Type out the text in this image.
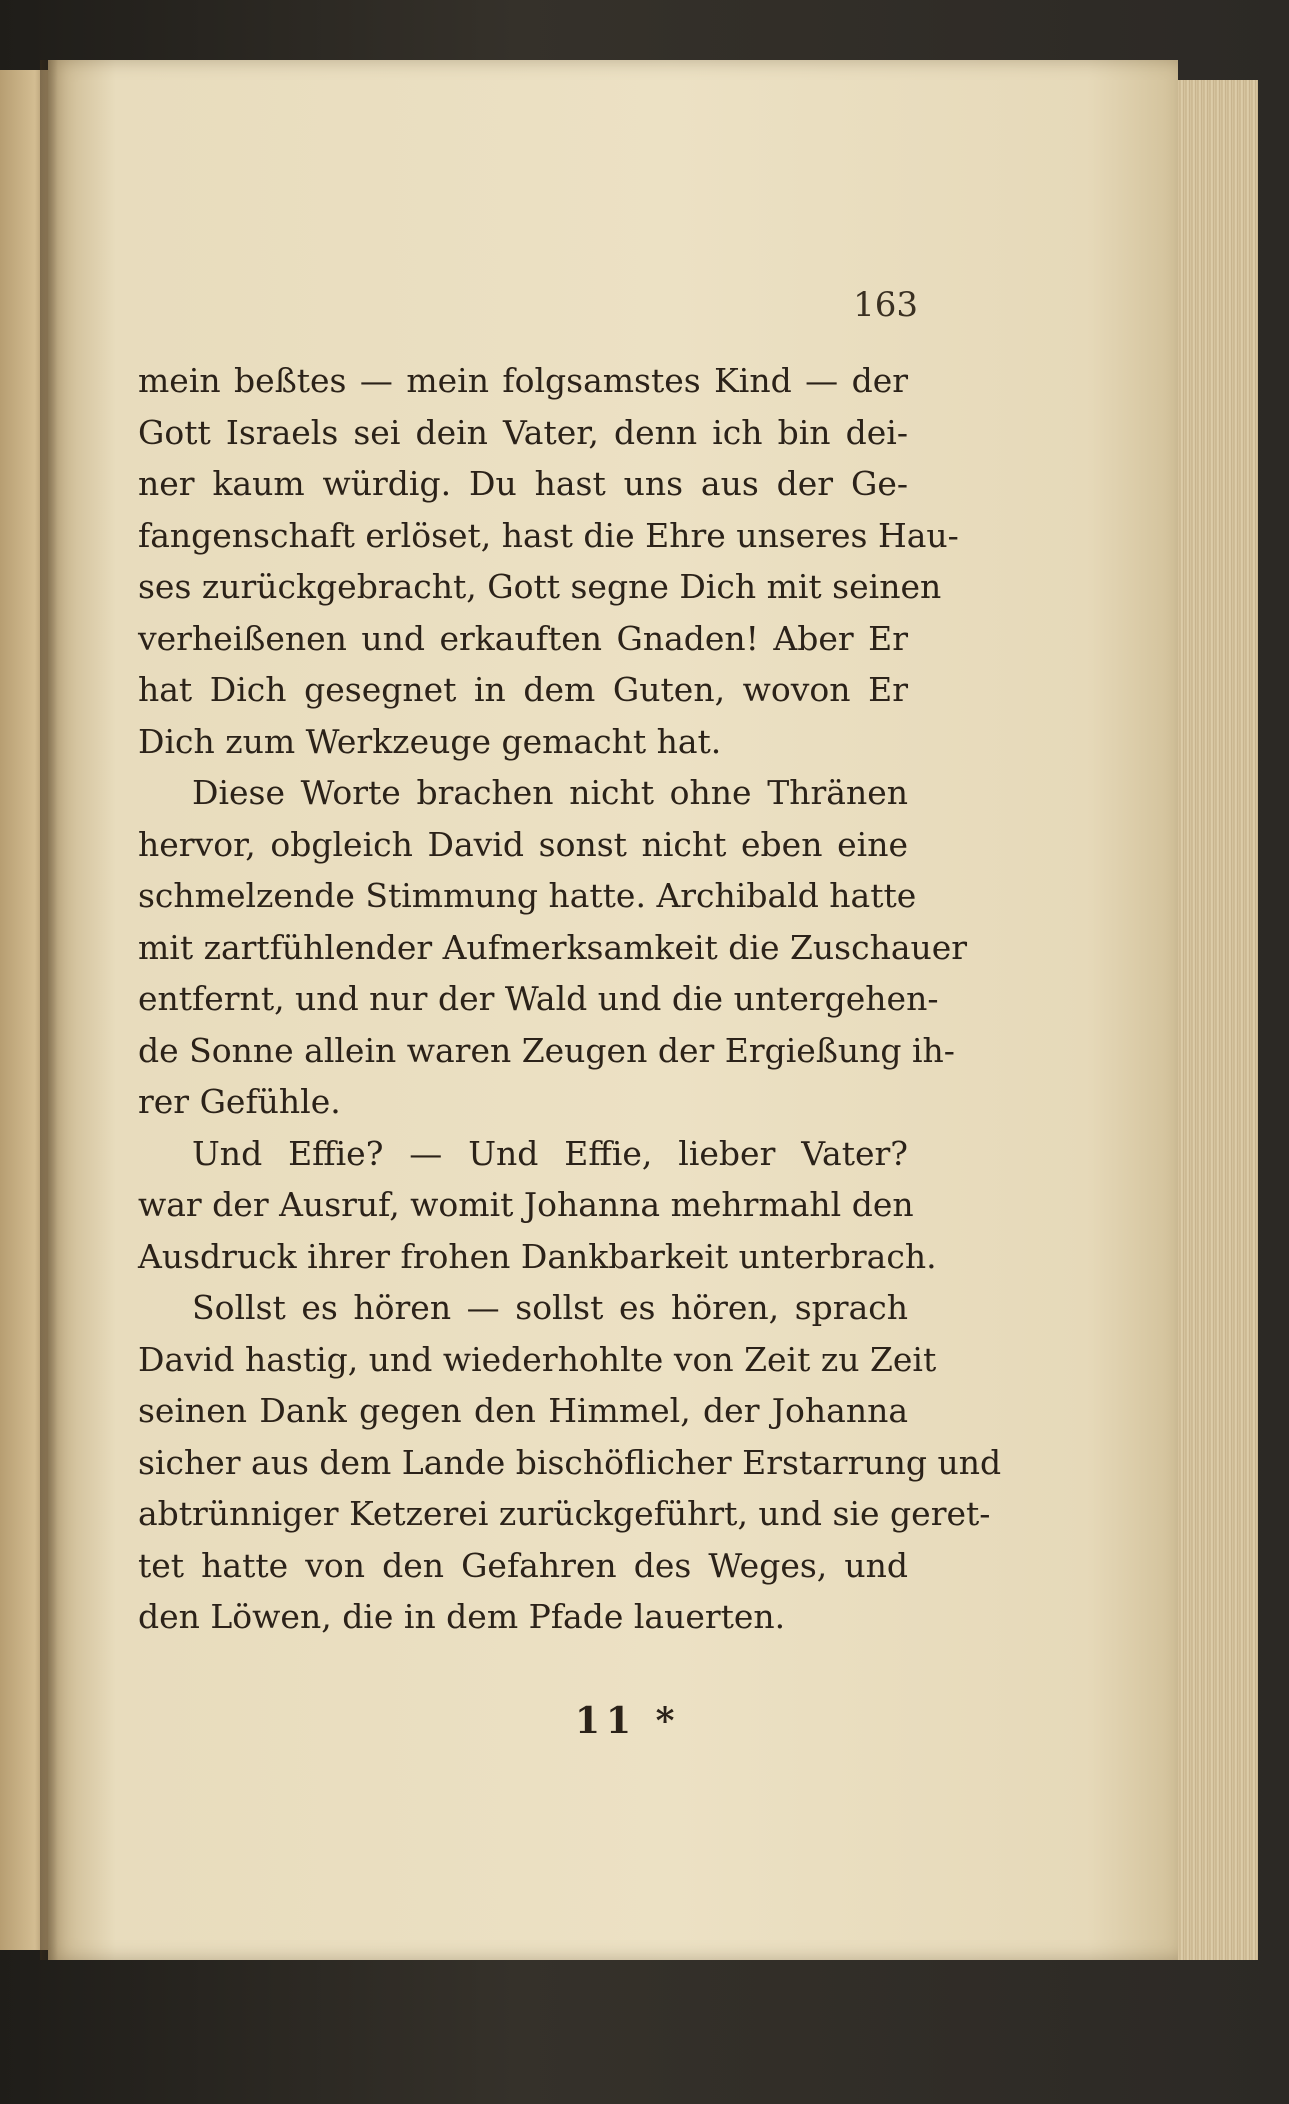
163

mein beßtes — mein folgsamstes Kind — der
Gott Israels sei dein Vater, denn ich bin dei-
ner kaum würdig. Du hast uns aus der Ge-
fangenschaft erlöset, hast die Ehre unseres Hau-
ses zurückgebracht, Gott segne Dich mit seinen
verheißenen und erkauften Gnaden! Aber Er
hat Dich gesegnet in dem Guten, wovon Er
Dich zum Werkzeuge gemacht hat.

Diese Worte brachen nicht ohne Thränen
hervor, obgleich David sonst nicht eben eine
schmelzende Stimmung hatte. Archibald hatte
mit zartfühlender Aufmerksamkeit die Zuschauer
entfernt, und nur der Wald und die untergehen-
de Sonne allein waren Zeugen der Ergießung ih-
rer Gefühle.

Und Effie? — Und Effie, lieber Vater?
war der Ausruf, womit Johanna mehrmahl den
Ausdruck ihrer frohen Dankbarkeit unterbrach.

Sollst es hören — sollst es hören, sprach
David hastig, und wiederhohlte von Zeit zu Zeit
seinen Dank gegen den Himmel, der Johanna
sicher aus dem Lande bischöflicher Erstarrung und
abtrünniger Ketzerei zurückgeführt, und sie geret-
tet hatte von den Gefahren des Weges, und
den Löwen, die in dem Pfade lauerten.

11 *
